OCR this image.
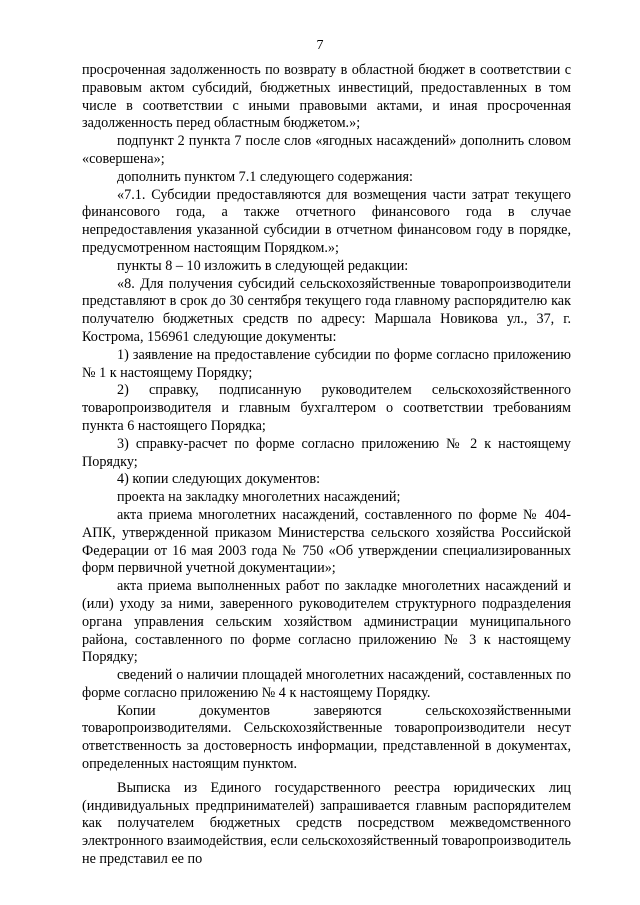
7

просроченная задолженность по возврату в областной бюджет в соответствии с правовым актом субсидий, бюджетных инвестиций, предоставленных в том числе в соответствии с иными правовыми актами, и иная просроченная задолженность перед областным бюджетом.»;

подпункт 2 пункта 7 после слов «ягодных насаждений» дополнить словом «совершена»;

дополнить пунктом 7.1 следующего содержания:

«7.1. Субсидии предоставляются для возмещения части затрат текущего финансового года, а также отчетного финансового года в случае непредоставления указанной субсидии в отчетном финансовом году в порядке, предусмотренном настоящим Порядком.»;

пункты 8 – 10 изложить в следующей редакции:

«8. Для получения субсидий сельскохозяйственные товаропроизводители представляют в срок до 30 сентября текущего года главному распорядителю как получателю бюджетных средств по адресу: Маршала Новикова ул., 37, г. Кострома, 156961 следующие документы:

1) заявление на предоставление субсидии по форме согласно приложению № 1 к настоящему Порядку;

2) справку, подписанную руководителем сельскохозяйственного товаропроизводителя и главным бухгалтером о соответствии требованиям пункта 6 настоящего Порядка;

3) справку-расчет по форме согласно приложению № 2 к настоящему Порядку;

4) копии следующих документов:

проекта на закладку многолетних насаждений;

акта приема многолетних насаждений, составленного по форме № 404-АПК, утвержденной приказом Министерства сельского хозяйства Российской Федерации от 16 мая 2003 года № 750 «Об утверждении специализированных форм первичной учетной документации»;

акта приема выполненных работ по закладке многолетних насаждений и (или) уходу за ними, заверенного руководителем структурного подразделения органа управления сельским хозяйством администрации муниципального района, составленного по форме согласно приложению № 3 к настоящему Порядку;

сведений о наличии площадей многолетних насаждений, составленных по форме согласно приложению № 4 к настоящему Порядку.

Копии документов заверяются сельскохозяйственными товаропроизводителями. Сельскохозяйственные товаропроизводители несут ответственность за достоверность информации, представленной в документах, определенных настоящим пунктом.

Выписка из Единого государственного реестра юридических лиц (индивидуальных предпринимателей) запрашивается главным распорядителем как получателем бюджетных средств посредством межведомственного электронного взаимодействия, если сельскохозяйственный товаропроизводитель не представил ее по
